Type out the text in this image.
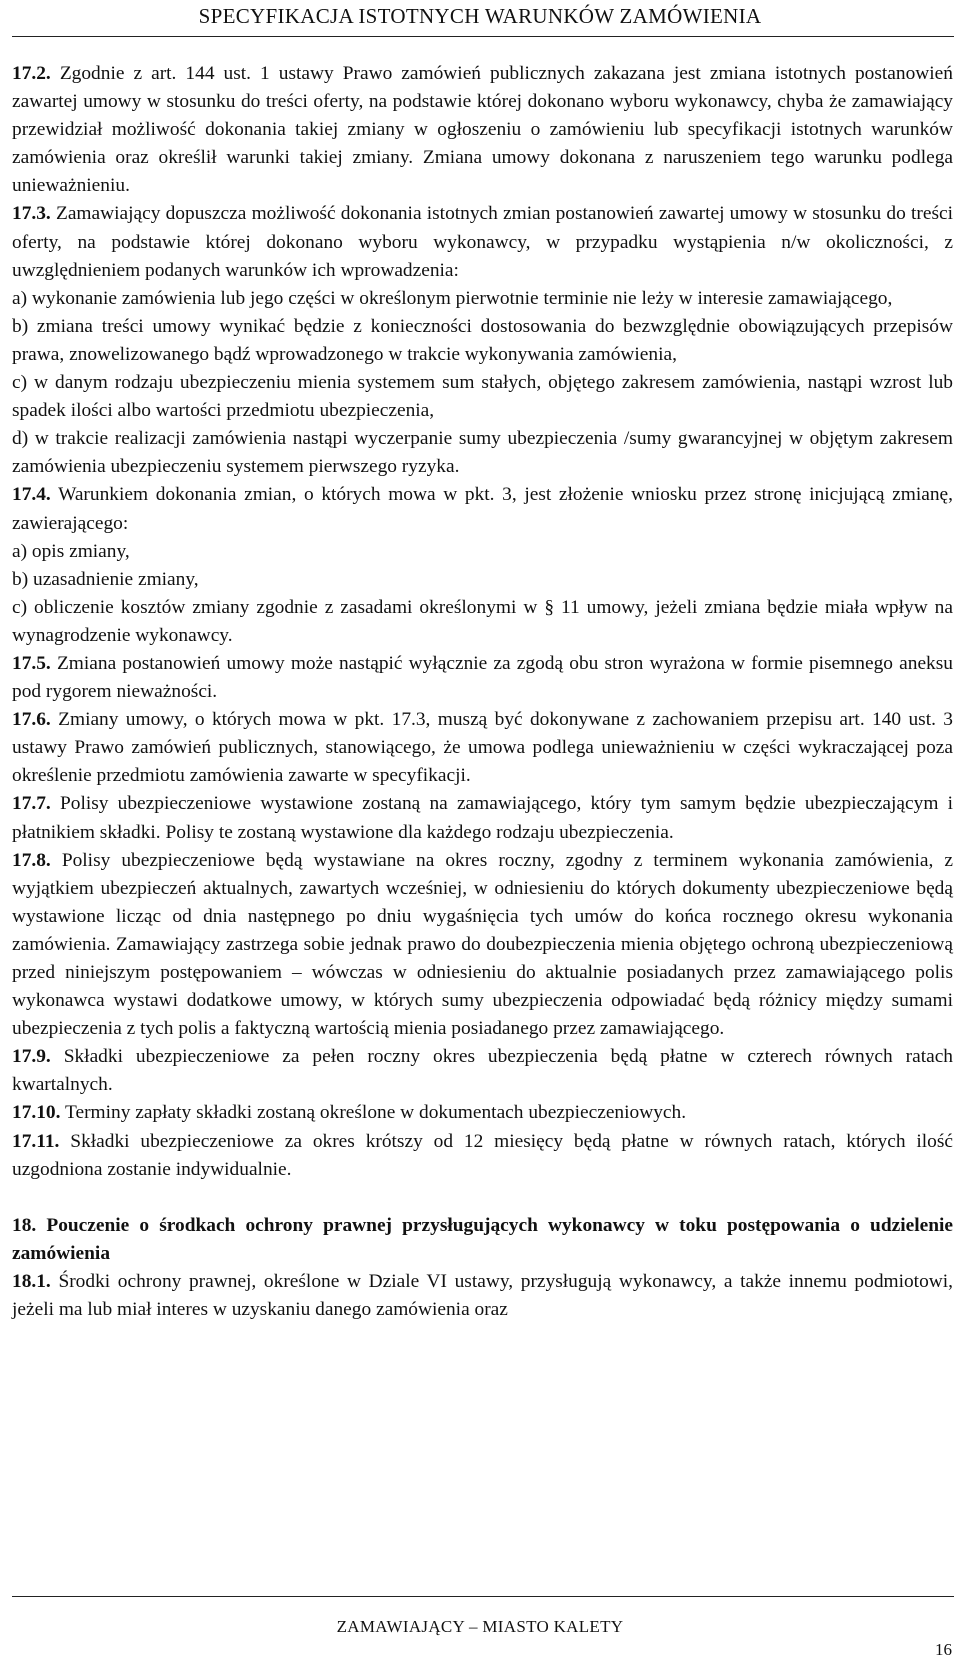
SPECYFIKACJA ISTOTNYCH WARUNKÓW ZAMÓWIENIA

17.2. Zgodnie z art. 144 ust. 1 ustawy Prawo zamówień publicznych zakazana jest zmiana istotnych postanowień zawartej umowy w stosunku do treści oferty, na podstawie której dokonano wyboru wykonawcy, chyba że zamawiający przewidział możliwość dokonania takiej zmiany w ogłoszeniu o zamówieniu lub specyfikacji istotnych warunków zamówienia oraz określił warunki takiej zmiany. Zmiana umowy dokonana z naruszeniem tego warunku podlega unieważnieniu.

17.3. Zamawiający dopuszcza możliwość dokonania istotnych zmian postanowień zawartej umowy w stosunku do treści oferty, na podstawie której dokonano wyboru wykonawcy, w przypadku wystąpienia n/w okoliczności, z uwzględnieniem podanych warunków ich wprowadzenia:

a) wykonanie zamówienia lub jego części w określonym pierwotnie terminie nie leży w interesie zamawiającego,

b) zmiana treści umowy wynikać będzie z konieczności dostosowania do bezwzględnie obowiązujących przepisów prawa, znowelizowanego bądź wprowadzonego w trakcie wykonywania zamówienia,

c) w danym rodzaju ubezpieczeniu mienia systemem sum stałych, objętego zakresem zamówienia, nastąpi wzrost lub spadek ilości albo wartości przedmiotu ubezpieczenia,

d) w trakcie realizacji zamówienia nastąpi wyczerpanie sumy ubezpieczenia /sumy gwarancyjnej w objętym zakresem zamówienia ubezpieczeniu systemem pierwszego ryzyka.

17.4. Warunkiem dokonania zmian, o których mowa w pkt. 3, jest złożenie wniosku przez stronę inicjującą zmianę, zawierającego:

a) opis zmiany,

b) uzasadnienie zmiany,

c) obliczenie kosztów zmiany zgodnie z zasadami określonymi w § 11 umowy, jeżeli zmiana będzie miała wpływ na wynagrodzenie wykonawcy.

17.5. Zmiana postanowień umowy może nastąpić wyłącznie za zgodą obu stron wyrażona w formie pisemnego aneksu pod rygorem nieważności.

17.6. Zmiany umowy, o których mowa w pkt. 17.3, muszą być dokonywane z zachowaniem przepisu art. 140 ust. 3 ustawy Prawo zamówień publicznych, stanowiącego, że umowa podlega unieważnieniu w części wykraczającej poza określenie przedmiotu zamówienia zawarte w specyfikacji.

17.7. Polisy ubezpieczeniowe wystawione zostaną na zamawiającego, który tym samym będzie ubezpieczającym i płatnikiem składki. Polisy te zostaną wystawione dla każdego rodzaju ubezpieczenia.

17.8. Polisy ubezpieczeniowe będą wystawiane na okres roczny, zgodny z terminem wykonania zamówienia, z wyjątkiem ubezpieczeń aktualnych, zawartych wcześniej, w odniesieniu do których dokumenty ubezpieczeniowe będą wystawione licząc od dnia następnego po dniu wygaśnięcia tych umów do końca rocznego okresu wykonania zamówienia. Zamawiający zastrzega sobie jednak prawo do doubezpieczenia mienia objętego ochroną ubezpieczeniową przed niniejszym postępowaniem – wówczas w odniesieniu do aktualnie posiadanych przez zamawiającego polis wykonawca wystawi dodatkowe umowy, w których sumy ubezpieczenia odpowiadać będą różnicy między sumami ubezpieczenia z tych polis a faktyczną wartością mienia posiadanego przez zamawiającego.

17.9. Składki ubezpieczeniowe za pełen roczny okres ubezpieczenia będą płatne w czterech równych ratach kwartalnych.

17.10. Terminy zapłaty składki zostaną określone w dokumentach ubezpieczeniowych.

17.11. Składki ubezpieczeniowe za okres krótszy od 12 miesięcy będą płatne w równych ratach, których ilość uzgodniona zostanie indywidualnie.

18. Pouczenie o środkach ochrony prawnej przysługujących wykonawcy w toku postępowania o udzielenie zamówienia

18.1. Środki ochrony prawnej, określone w Dziale VI ustawy, przysługują wykonawcy, a także innemu podmiotowi, jeżeli ma lub miał interes w uzyskaniu danego zamówienia oraz

ZAMAWIAJĄCY – MIASTO KALETY
16
